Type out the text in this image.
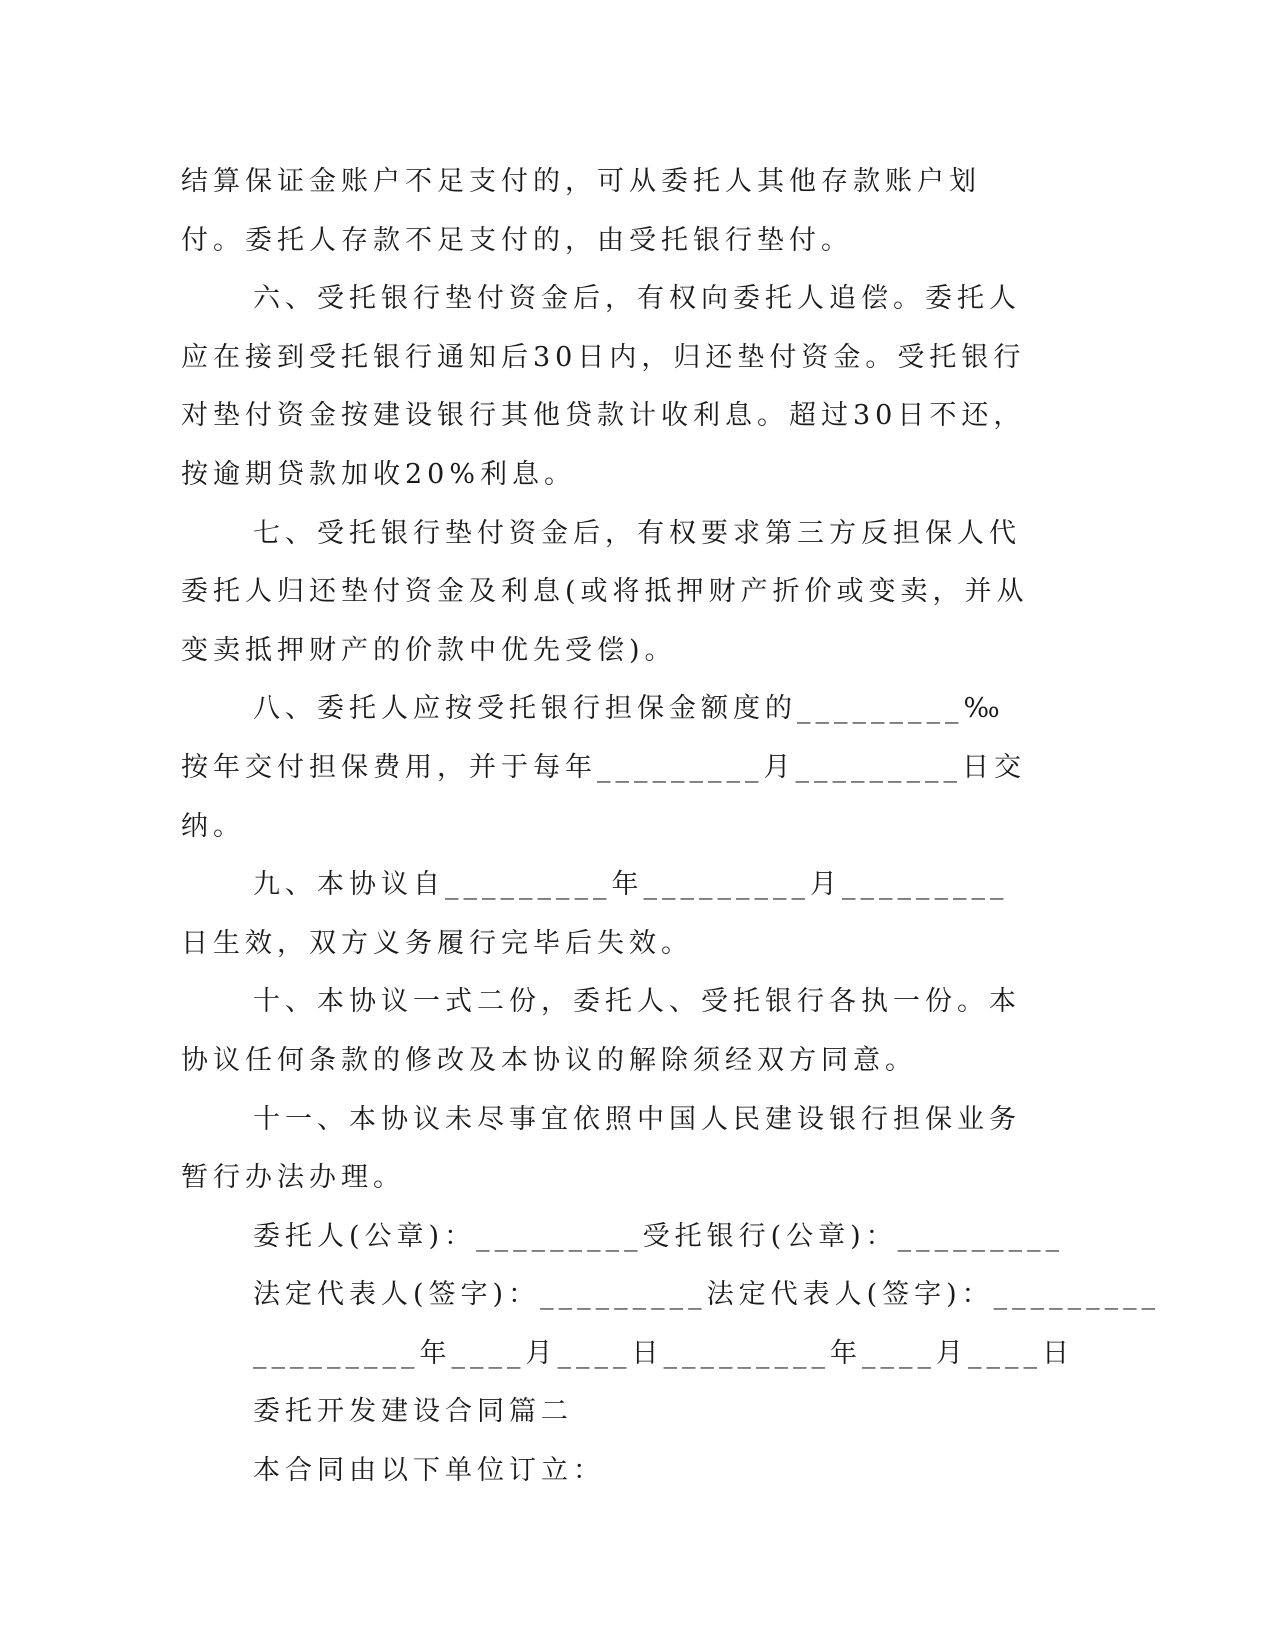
结算保证金账户不足支付的，可从委托人其他存款账户划付。委托人存款不足支付的，由受托银行垫付。

六、受托银行垫付资金后，有权向委托人追偿。委托人应在接到受托银行通知后30日内，归还垫付资金。受托银行对垫付资金按建设银行其他贷款计收利息。超过30日不还，按逾期贷款加收20%利息。

七、受托银行垫付资金后，有权要求第三方反担保人代委托人归还垫付资金及利息(或将抵押财产折价或变卖，并从变卖抵押财产的价款中优先受偿)。

八、委托人应按受托银行担保金额度的_________‰按年交付担保费用，并于每年_________月_________日交纳。

九、本协议自_________年_________月_________日生效，双方义务履行完毕后失效。

十、本协议一式二份，委托人、受托银行各执一份。本协议任何条款的修改及本协议的解除须经双方同意。

十一、本协议未尽事宜依照中国人民建设银行担保业务暂行办法办理。

委托人(公章)：_________受托银行(公章)：_________

法定代表人(签字)：_________法定代表人(签字)：_________

_________年____月____日_________年____月____日

委托开发建设合同篇二

本合同由以下单位订立：
